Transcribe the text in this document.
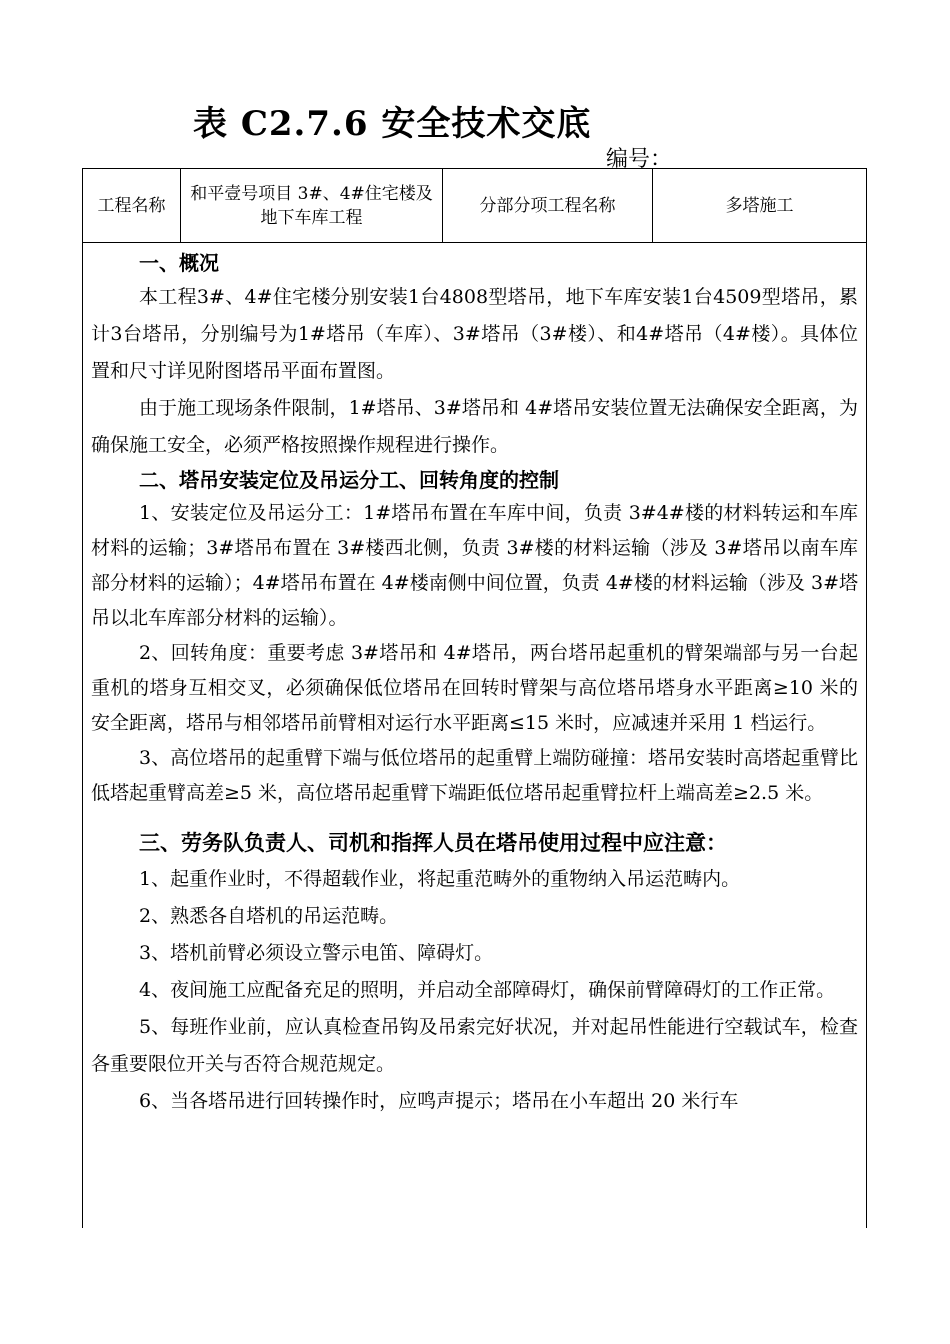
表 C2.7.6 安全技术交底
编号：
工程名称
和平壹号项目 3#、4#住宅楼及地下车库工程
分部分项工程名称	多塔施工

一、概况

本工程3#、4#住宅楼分别安装1台4808型塔吊，地下车库安装1台4509型塔吊，累计3台塔吊，分别编号为1#塔吊（车库）、3#塔吊（3#楼）、和4#塔吊（4#楼）。具体位置和尺寸详见附图塔吊平面布置图。

由于施工现场条件限制，1#塔吊、3#塔吊和 4#塔吊安装位置无法确保安全距离，为确保施工安全，必须严格按照操作规程进行操作。

二、塔吊安装定位及吊运分工、回转角度的控制

1、安装定位及吊运分工：1#塔吊布置在车库中间，负责 3#4#楼的材料转运和车库材料的运输；3#塔吊布置在 3#楼西北侧，负责 3#楼的材料运输（涉及 3#塔吊以南车库部分材料的运输）；4#塔吊布置在 4#楼南侧中间位置，负责 4#楼的材料运输（涉及 3#塔吊以北车库部分材料的运输）。

2、回转角度：重要考虑 3#塔吊和 4#塔吊，两台塔吊起重机的臂架端部与另一台起重机的塔身互相交叉，必须确保低位塔吊在回转时臂架与高位塔吊塔身水平距离≥10 米的安全距离，塔吊与相邻塔吊前臂相对运行水平距离≤15 米时，应减速并采用 1 档运行。

3、高位塔吊的起重臂下端与低位塔吊的起重臂上端防碰撞：塔吊安装时高塔起重臂比低塔起重臂高差≥5 米，高位塔吊起重臂下端距低位塔吊起重臂拉杆上端高差≥2.5 米。

三、劳务队负责人、司机和指挥人员在塔吊使用过程中应注意：

1、起重作业时，不得超载作业，将起重范畴外的重物纳入吊运范畴内。

2、熟悉各自塔机的吊运范畴。

3、塔机前臂必须设立警示电笛、障碍灯。

4、夜间施工应配备充足的照明，并启动全部障碍灯，确保前臂障碍灯的工作正常。

5、每班作业前，应认真检查吊钩及吊索完好状况，并对起吊性能进行空载试车，检查各重要限位开关与否符合规范规定。

6、当各塔吊进行回转操作时，应鸣声提示；塔吊在小车超出 20 米行车
